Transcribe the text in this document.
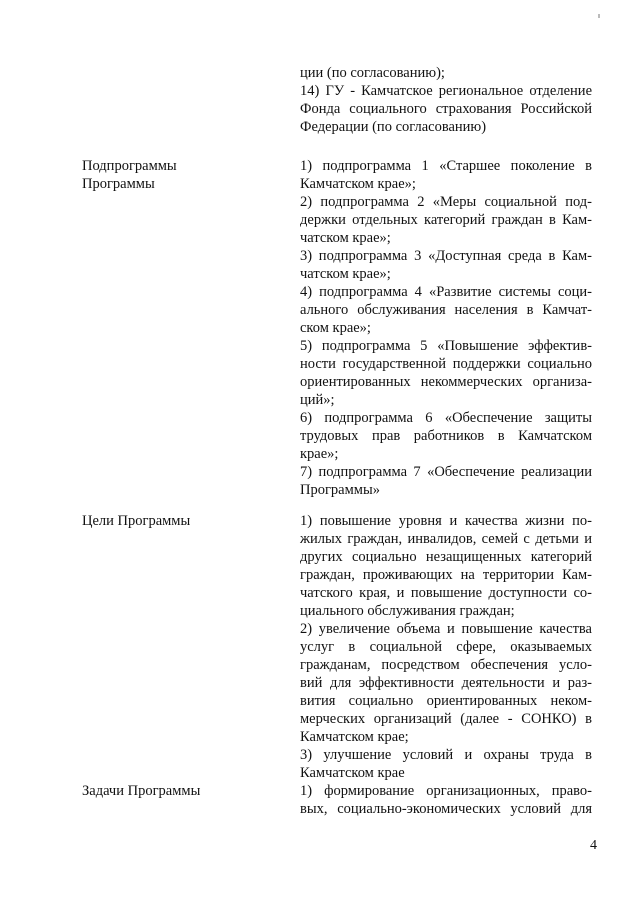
ции (по согласованию);
14) ГУ - Камчатское региональное отделение
Фонда социального страхования Российской
Федерации (по согласованию)
Подпрограммы
Программы
1) подпрограмма 1 «Старшее поколение в
Камчатском крае»;
2) подпрограмма 2 «Меры социальной под-
держки отдельных категорий граждан в Кам-
чатском крае»;
3) подпрограмма 3 «Доступная среда в Кам-
чатском крае»;
4) подпрограмма 4 «Развитие системы соци-
ального обслуживания населения в Камчат-
ском крае»;
5) подпрограмма 5 «Повышение эффектив-
ности государственной поддержки социально
ориентированных некоммерческих организа-
ций»;
6) подпрограмма 6 «Обеспечение защиты
трудовых прав работников в Камчатском
крае»;
7) подпрограмма 7 «Обеспечение реализации
Программы»
Цели Программы	1) повышение уровня и качества жизни по-
жилых граждан, инвалидов, семей с детьми и
других социально незащищенных категорий
граждан, проживающих на территории Кам-
чатского края, и повышение доступности со-
циального обслуживания граждан;
2) увеличение объема и повышение качества
услуг в социальной сфере, оказываемых
гражданам, посредством обеспечения усло-
вий для эффективности деятельности и раз-
вития социально ориентированных неком-
мерческих организаций (далее - СОНКО) в
Камчатском крае;
3) улучшение условий и охраны труда в
Камчатском крае
Задачи Программы	1) формирование организационных, право-
вых, социально-экономических условий для
4
